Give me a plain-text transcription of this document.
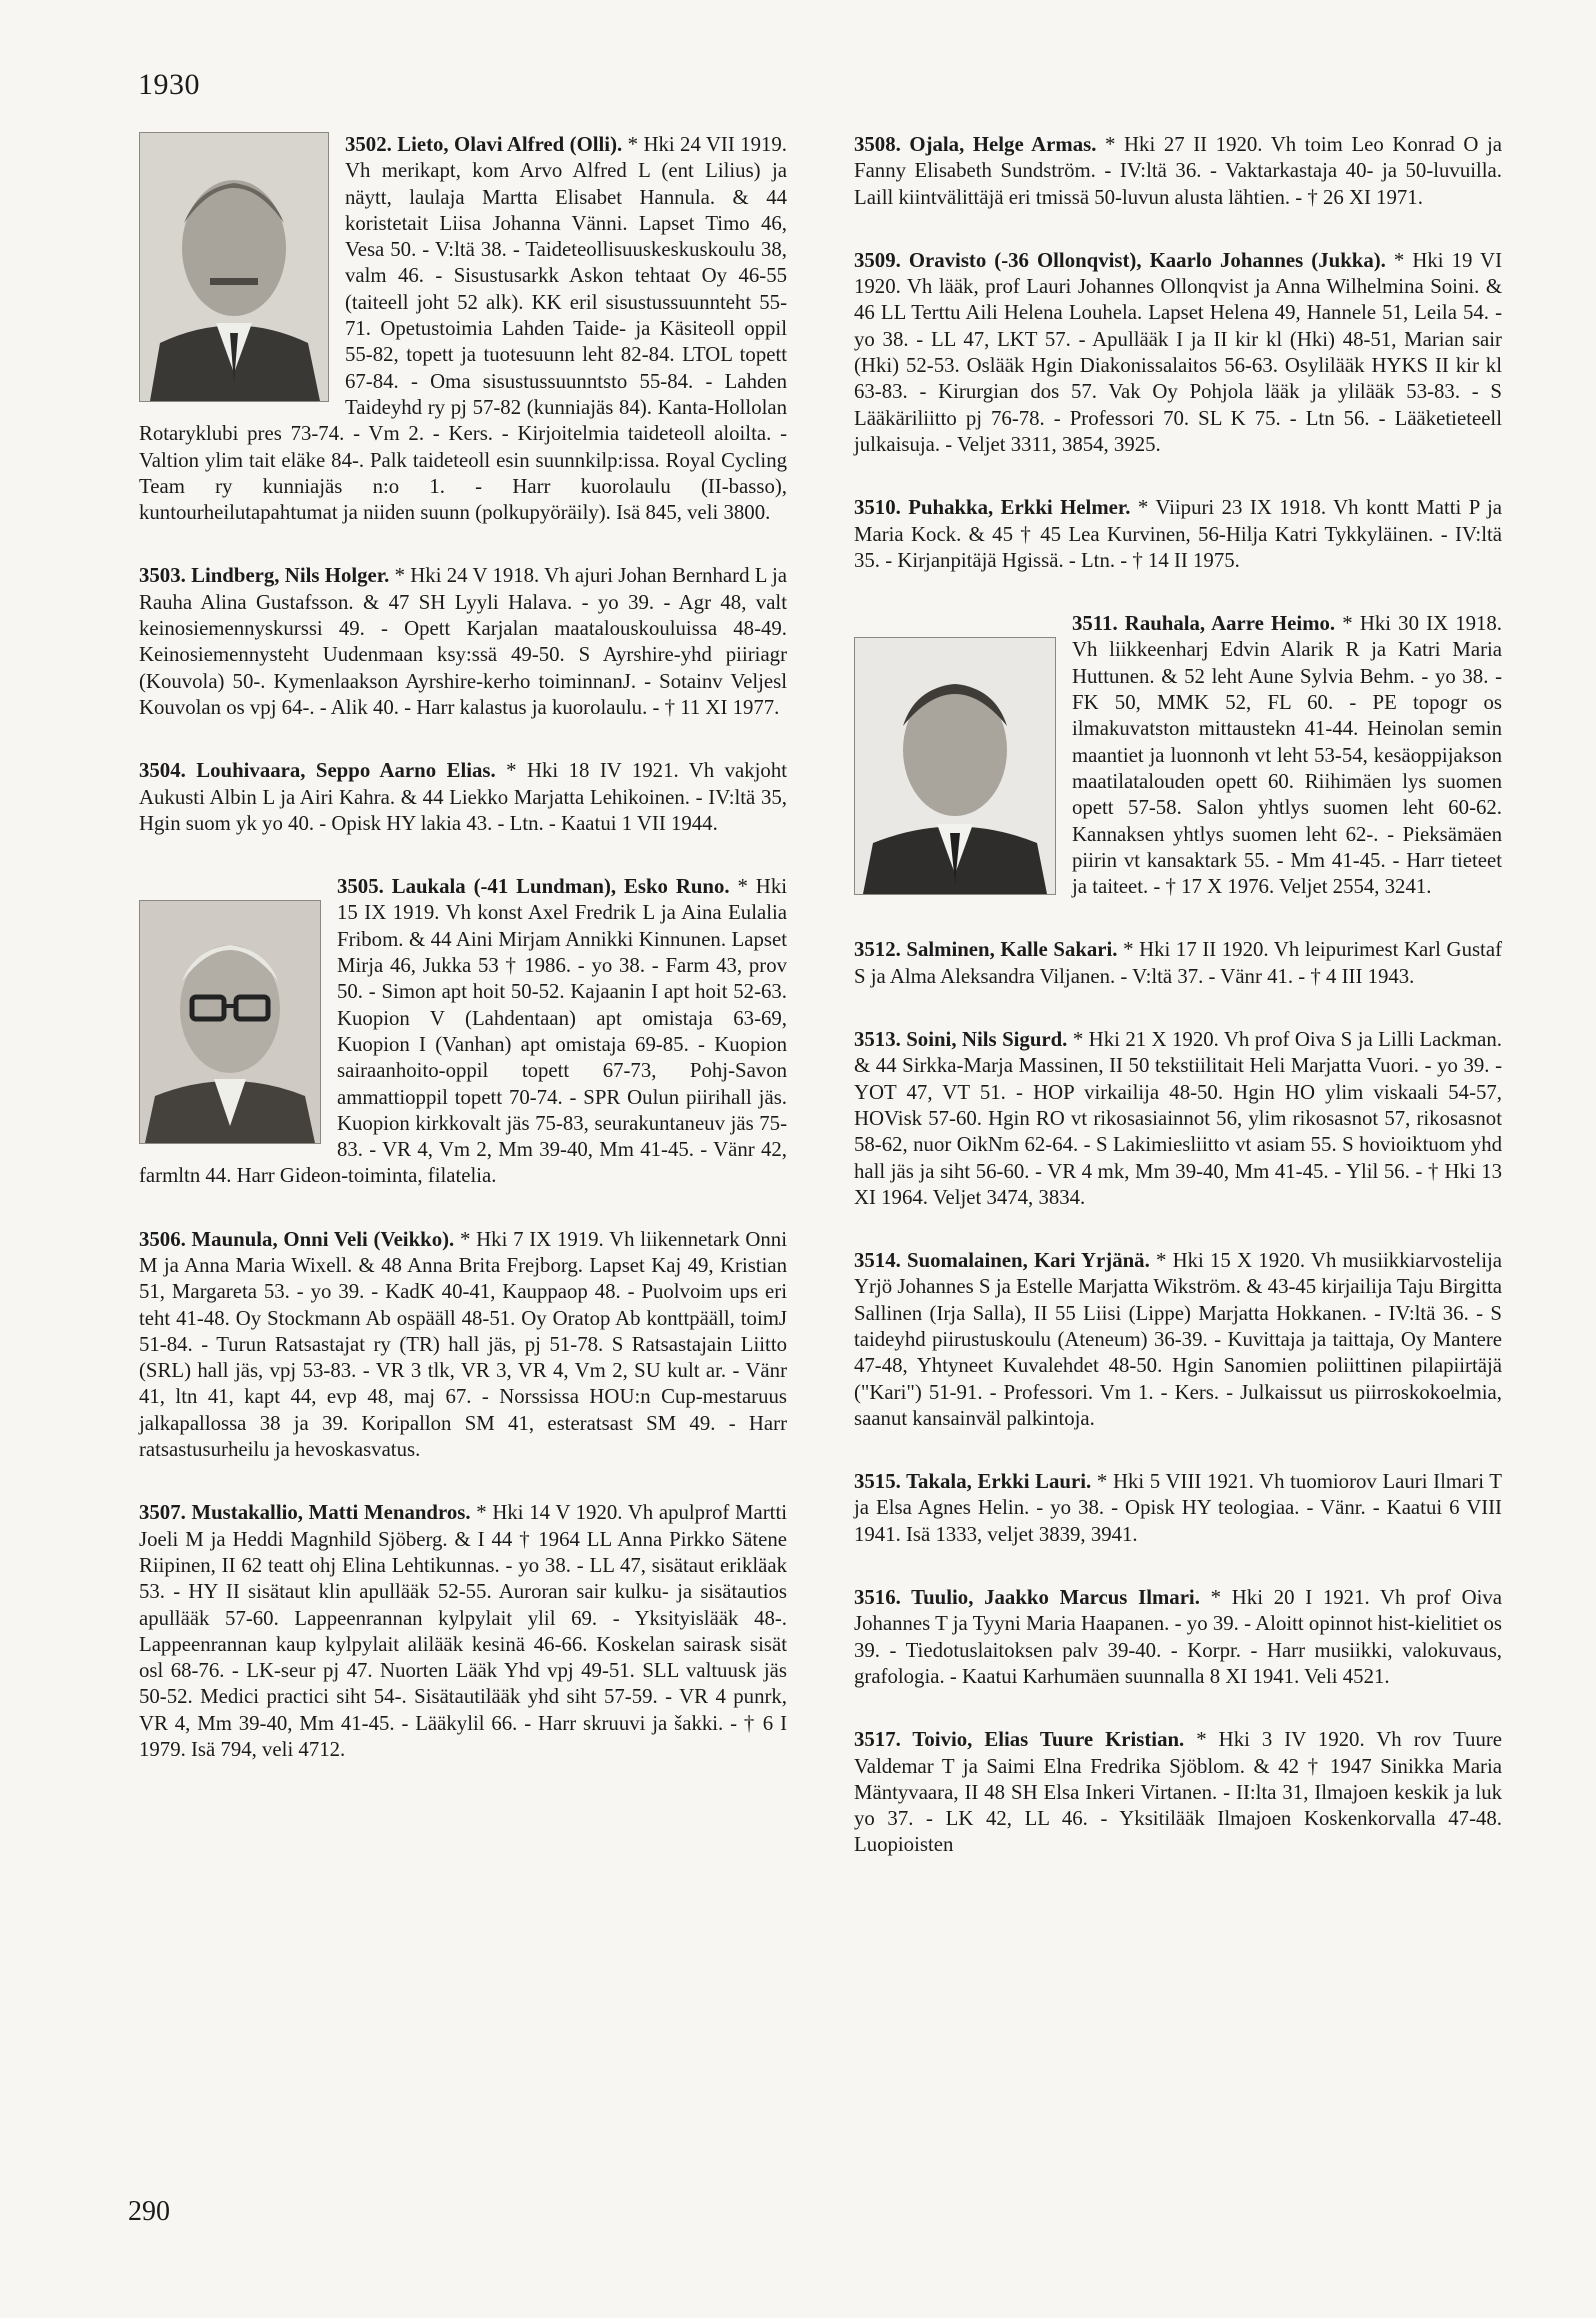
1930
3502. Lieto, Olavi Alfred (Olli). * Hki 24 VII 1919. Vh merikapt, kom Arvo Alfred L (ent Lilius) ja näytt, laulaja Martta Elisabet Hannula. & 44 koristetait Liisa Johanna Vänni. Lapset Timo 46, Vesa 50. - V:ltä 38. - Taideteollisuuskeskuskoulu 38, valm 46. - Sisustusarkk Askon tehtaat Oy 46-55 (taiteell joht 52 alk). KK eril sisustussuunnteht 55-71. Opetustoimia Lahden Taide- ja Käsiteoll oppil 55-82, topett ja tuotesuunn leht 82-84. LTOL topett 67-84. - Oma sisustussuunntsto 55-84. - Lahden Taideyhd ry pj 57-82 (kunniajäs 84). Kanta-Hollolan Rotaryklubi pres 73-74. - Vm 2. - Kers. - Kirjoitelmia taideteoll aloilta. - Valtion ylim tait eläke 84-. Palk taideteoll esin suunnkilp:issa. Royal Cycling Team ry kunniajäs n:o 1. - Harr kuorolaulu (II-basso), kuntourheilutapahtumat ja niiden suunn (polkupyöräily). Isä 845, veli 3800.
3503. Lindberg, Nils Holger. * Hki 24 V 1918. Vh ajuri Johan Bernhard L ja Rauha Alina Gustafsson. & 47 SH Lyyli Halava. - yo 39. - Agr 48, valt keinosiemennyskurssi 49. - Opett Karjalan maatalouskouluissa 48-49. Keinosiemennysteht Uudenmaan ksy:ssä 49-50. S Ayrshire-yhd piiriagr (Kouvola) 50-. Kymenlaakson Ayrshire-kerho toiminnanJ. - Sotainv Veljesl Kouvolan os vpj 64-. - Alik 40. - Harr kalastus ja kuorolaulu. - † 11 XI 1977.
3504. Louhivaara, Seppo Aarno Elias. * Hki 18 IV 1921. Vh vakjoht Aukusti Albin L ja Airi Kahra. & 44 Liekko Marjatta Lehikoinen. - IV:ltä 35, Hgin suom yk yo 40. - Opisk HY lakia 43. - Ltn. - Kaatui 1 VII 1944.
3505. Laukala (-41 Lundman), Esko Runo. * Hki 15 IX 1919. Vh konst Axel Fredrik L ja Aina Eulalia Fribom. & 44 Aini Mirjam Annikki Kinnunen. Lapset Mirja 46, Jukka 53 † 1986. - yo 38. - Farm 43, prov 50. - Simon apt hoit 50-52. Kajaanin I apt hoit 52-63. Kuopion V (Lahdentaan) apt omistaja 63-69, Kuopion I (Vanhan) apt omistaja 69-85. - Kuopion sairaanhoito-oppil topett 67-73, Pohj-Savon ammattioppil topett 70-74. - SPR Oulun piirihall jäs. Kuopion kirkkovalt jäs 75-83, seurakuntaneuv jäs 75-83. - VR 4, Vm 2, Mm 39-40, Mm 41-45. - Vänr 42, farmltn 44. Harr Gideon-toiminta, filatelia.
3506. Maunula, Onni Veli (Veikko). * Hki 7 IX 1919. Vh liikennetark Onni M ja Anna Maria Wixell. & 48 Anna Brita Frejborg. Lapset Kaj 49, Kristian 51, Margareta 53. - yo 39. - KadK 40-41, Kauppaop 48. - Puolvoim ups eri teht 41-48. Oy Stockmann Ab ospääll 48-51. Oy Oratop Ab konttpääll, toimJ 51-84. - Turun Ratsastajat ry (TR) hall jäs, pj 51-78. S Ratsastajain Liitto (SRL) hall jäs, vpj 53-83. - VR 3 tlk, VR 3, VR 4, Vm 2, SU kult ar. - Vänr 41, ltn 41, kapt 44, evp 48, maj 67. - Norssissa HOU:n Cup-mestaruus jalkapallossa 38 ja 39. Koripallon SM 41, esteratsast SM 49. - Harr ratsastusurheilu ja hevoskasvatus.
3507. Mustakallio, Matti Menandros. * Hki 14 V 1920. Vh apulprof Martti Joeli M ja Heddi Magnhild Sjöberg. & I 44 † 1964 LL Anna Pirkko Sätene Riipinen, II 62 teatt ohj Elina Lehtikunnas. - yo 38. - LL 47, sisätaut erikläak 53. - HY II sisätaut klin apullääk 52-55. Auroran sair kulku- ja sisätautios apullääk 57-60. Lappeenrannan kylpylait ylil 69. - Yksityislääk 48-. Lappeenrannan kaup kylpylait alilääk kesinä 46-66. Koskelan sairask sisät osl 68-76. - LK-seur pj 47. Nuorten Lääk Yhd vpj 49-51. SLL valtuusk jäs 50-52. Medici practici siht 54-. Sisätautilääk yhd siht 57-59. - VR 4 punrk, VR 4, Mm 39-40, Mm 41-45. - Lääkylil 66. - Harr skruuvi ja šakki. - † 6 I 1979. Isä 794, veli 4712.
3508. Ojala, Helge Armas. * Hki 27 II 1920. Vh toim Leo Konrad O ja Fanny Elisabeth Sundström. - IV:ltä 36. - Vaktarkastaja 40- ja 50-luvuilla. Laill kiintvälittäjä eri tmissä 50-luvun alusta lähtien. - † 26 XI 1971.
3509. Oravisto (-36 Ollonqvist), Kaarlo Johannes (Jukka). * Hki 19 VI 1920. Vh lääk, prof Lauri Johannes Ollonqvist ja Anna Wilhelmina Soini. & 46 LL Terttu Aili Helena Louhela. Lapset Helena 49, Hannele 51, Leila 54. - yo 38. - LL 47, LKT 57. - Apullääk I ja II kir kl (Hki) 48-51, Marian sair (Hki) 52-53. Oslääk Hgin Diakonissalaitos 56-63. Osylilääk HYKS II kir kl 63-83. - Kirurgian dos 57. Vak Oy Pohjola lääk ja ylilääk 53-83. - S Lääkäriliitto pj 76-78. - Professori 70. SL K 75. - Ltn 56. - Lääketieteell julkaisuja. - Veljet 3311, 3854, 3925.
3510. Puhakka, Erkki Helmer. * Viipuri 23 IX 1918. Vh kontt Matti P ja Maria Kock. & 45 † 45 Lea Kurvinen, 56-Hilja Katri Tykkyläinen. - IV:ltä 35. - Kirjanpitäjä Hgissä. - Ltn. - † 14 II 1975.
3511. Rauhala, Aarre Heimo. * Hki 30 IX 1918. Vh liikkeenharj Edvin Alarik R ja Katri Maria Huttunen. & 52 leht Aune Sylvia Behm. - yo 38. - FK 50, MMK 52, FL 60. - PE topogr os ilmakuvatston mittaustekn 41-44. Heinolan semin maantiet ja luonnonh vt leht 53-54, kesäoppijakson maatilatalouden opett 60. Riihimäen lys suomen opett 57-58. Salon yhtlys suomen leht 60-62. Kannaksen yhtlys suomen leht 62-. - Pieksämäen piirin vt kansaktark 55. - Mm 41-45. - Harr tieteet ja taiteet. - † 17 X 1976. Veljet 2554, 3241.
3512. Salminen, Kalle Sakari. * Hki 17 II 1920. Vh leipurimest Karl Gustaf S ja Alma Aleksandra Viljanen. - V:ltä 37. - Vänr 41. - † 4 III 1943.
3513. Soini, Nils Sigurd. * Hki 21 X 1920. Vh prof Oiva S ja Lilli Lackman. & 44 Sirkka-Marja Massinen, II 50 tekstiilitait Heli Marjatta Vuori. - yo 39. - YOT 47, VT 51. - HOP virkailija 48-50. Hgin HO ylim viskaali 54-57, HOVisk 57-60. Hgin RO vt rikosasiainnot 56, ylim rikosasnot 57, rikosasnot 58-62, nuor OikNm 62-64. - S Lakimiesliitto vt asiam 55. S hovioiktuom yhd hall jäs ja siht 56-60. - VR 4 mk, Mm 39-40, Mm 41-45. - Ylil 56. - † Hki 13 XI 1964. Veljet 3474, 3834.
3514. Suomalainen, Kari Yrjänä. * Hki 15 X 1920. Vh musiikkiarvostelija Yrjö Johannes S ja Estelle Marjatta Wikström. & 43-45 kirjailija Taju Birgitta Sallinen (Irja Salla), II 55 Liisi (Lippe) Marjatta Hokkanen. - IV:ltä 36. - S taideyhd piirustuskoulu (Ateneum) 36-39. - Kuvittaja ja taittaja, Oy Mantere 47-48, Yhtyneet Kuvalehdet 48-50. Hgin Sanomien poliittinen pilapiirtäjä ("Kari") 51-91. - Professori. Vm 1. - Kers. - Julkaissut us piirroskokoelmia, saanut kansainväl palkintoja.
3515. Takala, Erkki Lauri. * Hki 5 VIII 1921. Vh tuomiorov Lauri Ilmari T ja Elsa Agnes Helin. - yo 38. - Opisk HY teologiaa. - Vänr. - Kaatui 6 VIII 1941. Isä 1333, veljet 3839, 3941.
3516. Tuulio, Jaakko Marcus Ilmari. * Hki 20 I 1921. Vh prof Oiva Johannes T ja Tyyni Maria Haapanen. - yo 39. - Aloitt opinnot hist-kielitiet os 39. - Tiedotuslaitoksen palv 39-40. - Korpr. - Harr musiikki, valokuvaus, grafologia. - Kaatui Karhumäen suunnalla 8 XI 1941. Veli 4521.
3517. Toivio, Elias Tuure Kristian. * Hki 3 IV 1920. Vh rov Tuure Valdemar T ja Saimi Elna Fredrika Sjöblom. & 42 † 1947 Sinikka Maria Mäntyvaara, II 48 SH Elsa Inkeri Virtanen. - II:lta 31, Ilmajoen keskik ja luk yo 37. - LK 42, LL 46. - Yksitilääk Ilmajoen Koskenkorvalla 47-48. Luopioisten
290
